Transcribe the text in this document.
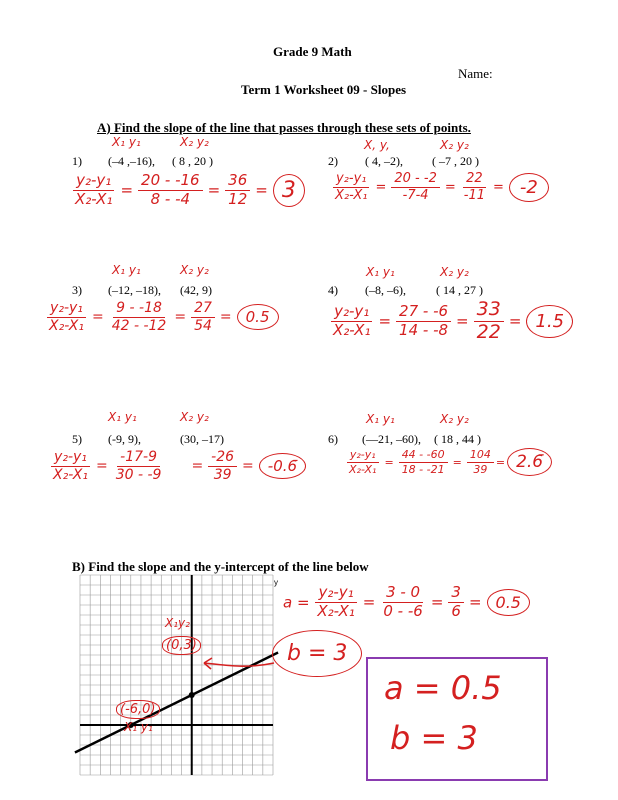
Grade 9 Math
Name:
Term 1 Worksheet 09 - Slopes
A) Find the slope of the line that passes through these sets of points.
X₁ y₁	X₂ y₂
1) (–4 ,–16), ( 8 , 20 )
$\frac{\text{y₂-y₁}}{\text{X₂-X₁}} = \frac{20 - -16}{8 - -4} = \frac{36}{12} = 3$
X, y,	X₂ y₂
2) ( 4, –2), ( –7 , 20 )
$\frac{\text{y₂-y₁}}{\text{X₂-X₁}} = \frac{20 - -2}{-7-4} = \frac{22}{-11} = -2$
X₁ y₁	X₂ y₂
3) (–12, –18), (42, 9)
$\frac{\text{y₂-y₁}}{\text{X₂-X₁}} = \frac{9 - -18}{42 - -12} = \frac{27}{54} = 0.5$
X₁ y₁	X₂ y₂
4) (–8, –6),	( 14 , 27 )
$\frac{\text{y₂-y₁}}{\text{X₂-X₁}} = \frac{27 - -6}{14 - -8} = \frac{33}{22} = 1.5$
X₁ y₁	X₂ y₂
5) (-9, 9),	(30, –17)
$\frac{\text{y₂-y₁}}{\text{X₂-X₁}} = \frac{-17-9}{30 - -9} = \frac{-26}{39}$ = -0.6̄
X₁ y₁	X₂ y₂
6) (—21, –60), ( 18 , 44 )
$\frac{\text{y₂-y₁}}{\text{X₂-X₁}} = \frac{44 - -60}{18 - -21} = \frac{104}{39}$ = 2.6̄
B) Find the slope and the y-intercept of the line below
y
X₁y₂
(0,3)
(-6,0)
X₁ y₁
b = 3
$a = \frac{\text{y₂-y₁}}{\text{X₂-X₁}} = \frac{3 - 0}{0 - -6} = \frac{3}{6} = 0.5$
a = 0.5
b = 3
